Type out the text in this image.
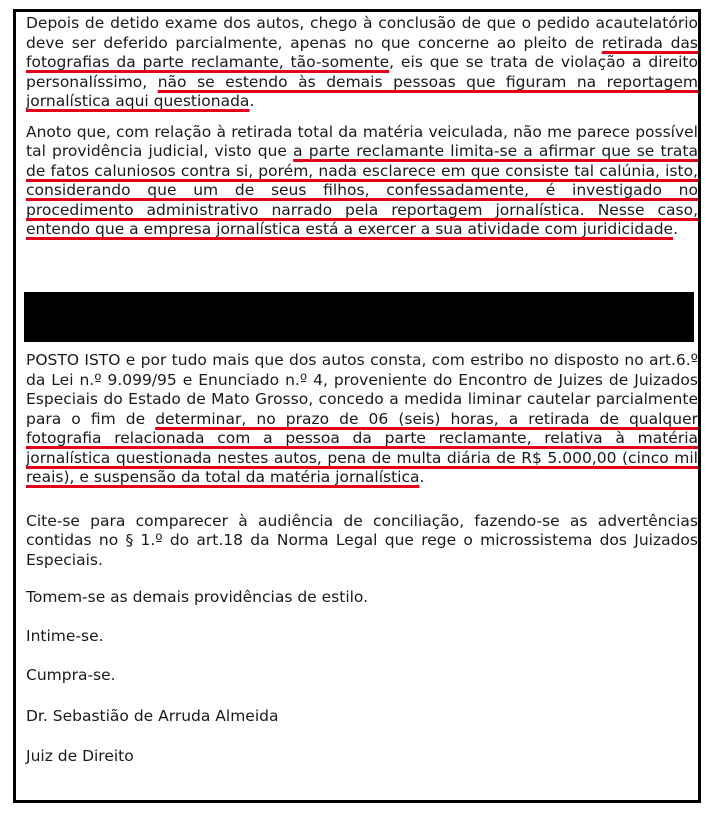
Depois de detido exame dos autos, chego à conclusão de que o pedido acautelatório deve ser deferido parcialmente, apenas no que concerne ao pleito de retirada das fotografias da parte reclamante, tão-somente, eis que se trata de violação a direito personalíssimo, não se estendo às demais pessoas que figuram na reportagem jornalística aqui questionada.

Anoto que, com relação à retirada total da matéria veiculada, não me parece possível tal providência judicial, visto que a parte reclamante limita-se a afirmar que se trata de fatos caluniosos contra si, porém, nada esclarece em que consiste tal calúnia, isto, considerando que um de seus filhos, confessadamente, é investigado no procedimento administrativo narrado pela reportagem jornalística. Nesse caso, entendo que a empresa jornalística está a exercer a sua atividade com juridicidade.

POSTO ISTO e por tudo mais que dos autos consta, com estribo no disposto no art.6.º da Lei n.º 9.099/95 e Enunciado n.º 4, proveniente do Encontro de Juizes de Juizados Especiais do Estado de Mato Grosso, concedo a medida liminar cautelar parcialmente para o fim de determinar, no prazo de 06 (seis) horas, a retirada de qualquer fotografia relacionada com a pessoa da parte reclamante, relativa à matéria jornalística questionada nestes autos, pena de multa diária de R$ 5.000,00 (cinco mil reais), e suspensão da total da matéria jornalística.

Cite-se para comparecer à audiência de conciliação, fazendo-se as advertências contidas no § 1.º do art.18 da Norma Legal que rege o microssistema dos Juizados Especiais.

Tomem-se as demais providências de estilo.

Intime-se.

Cumpra-se.

Dr. Sebastião de Arruda Almeida

Juiz de Direito
